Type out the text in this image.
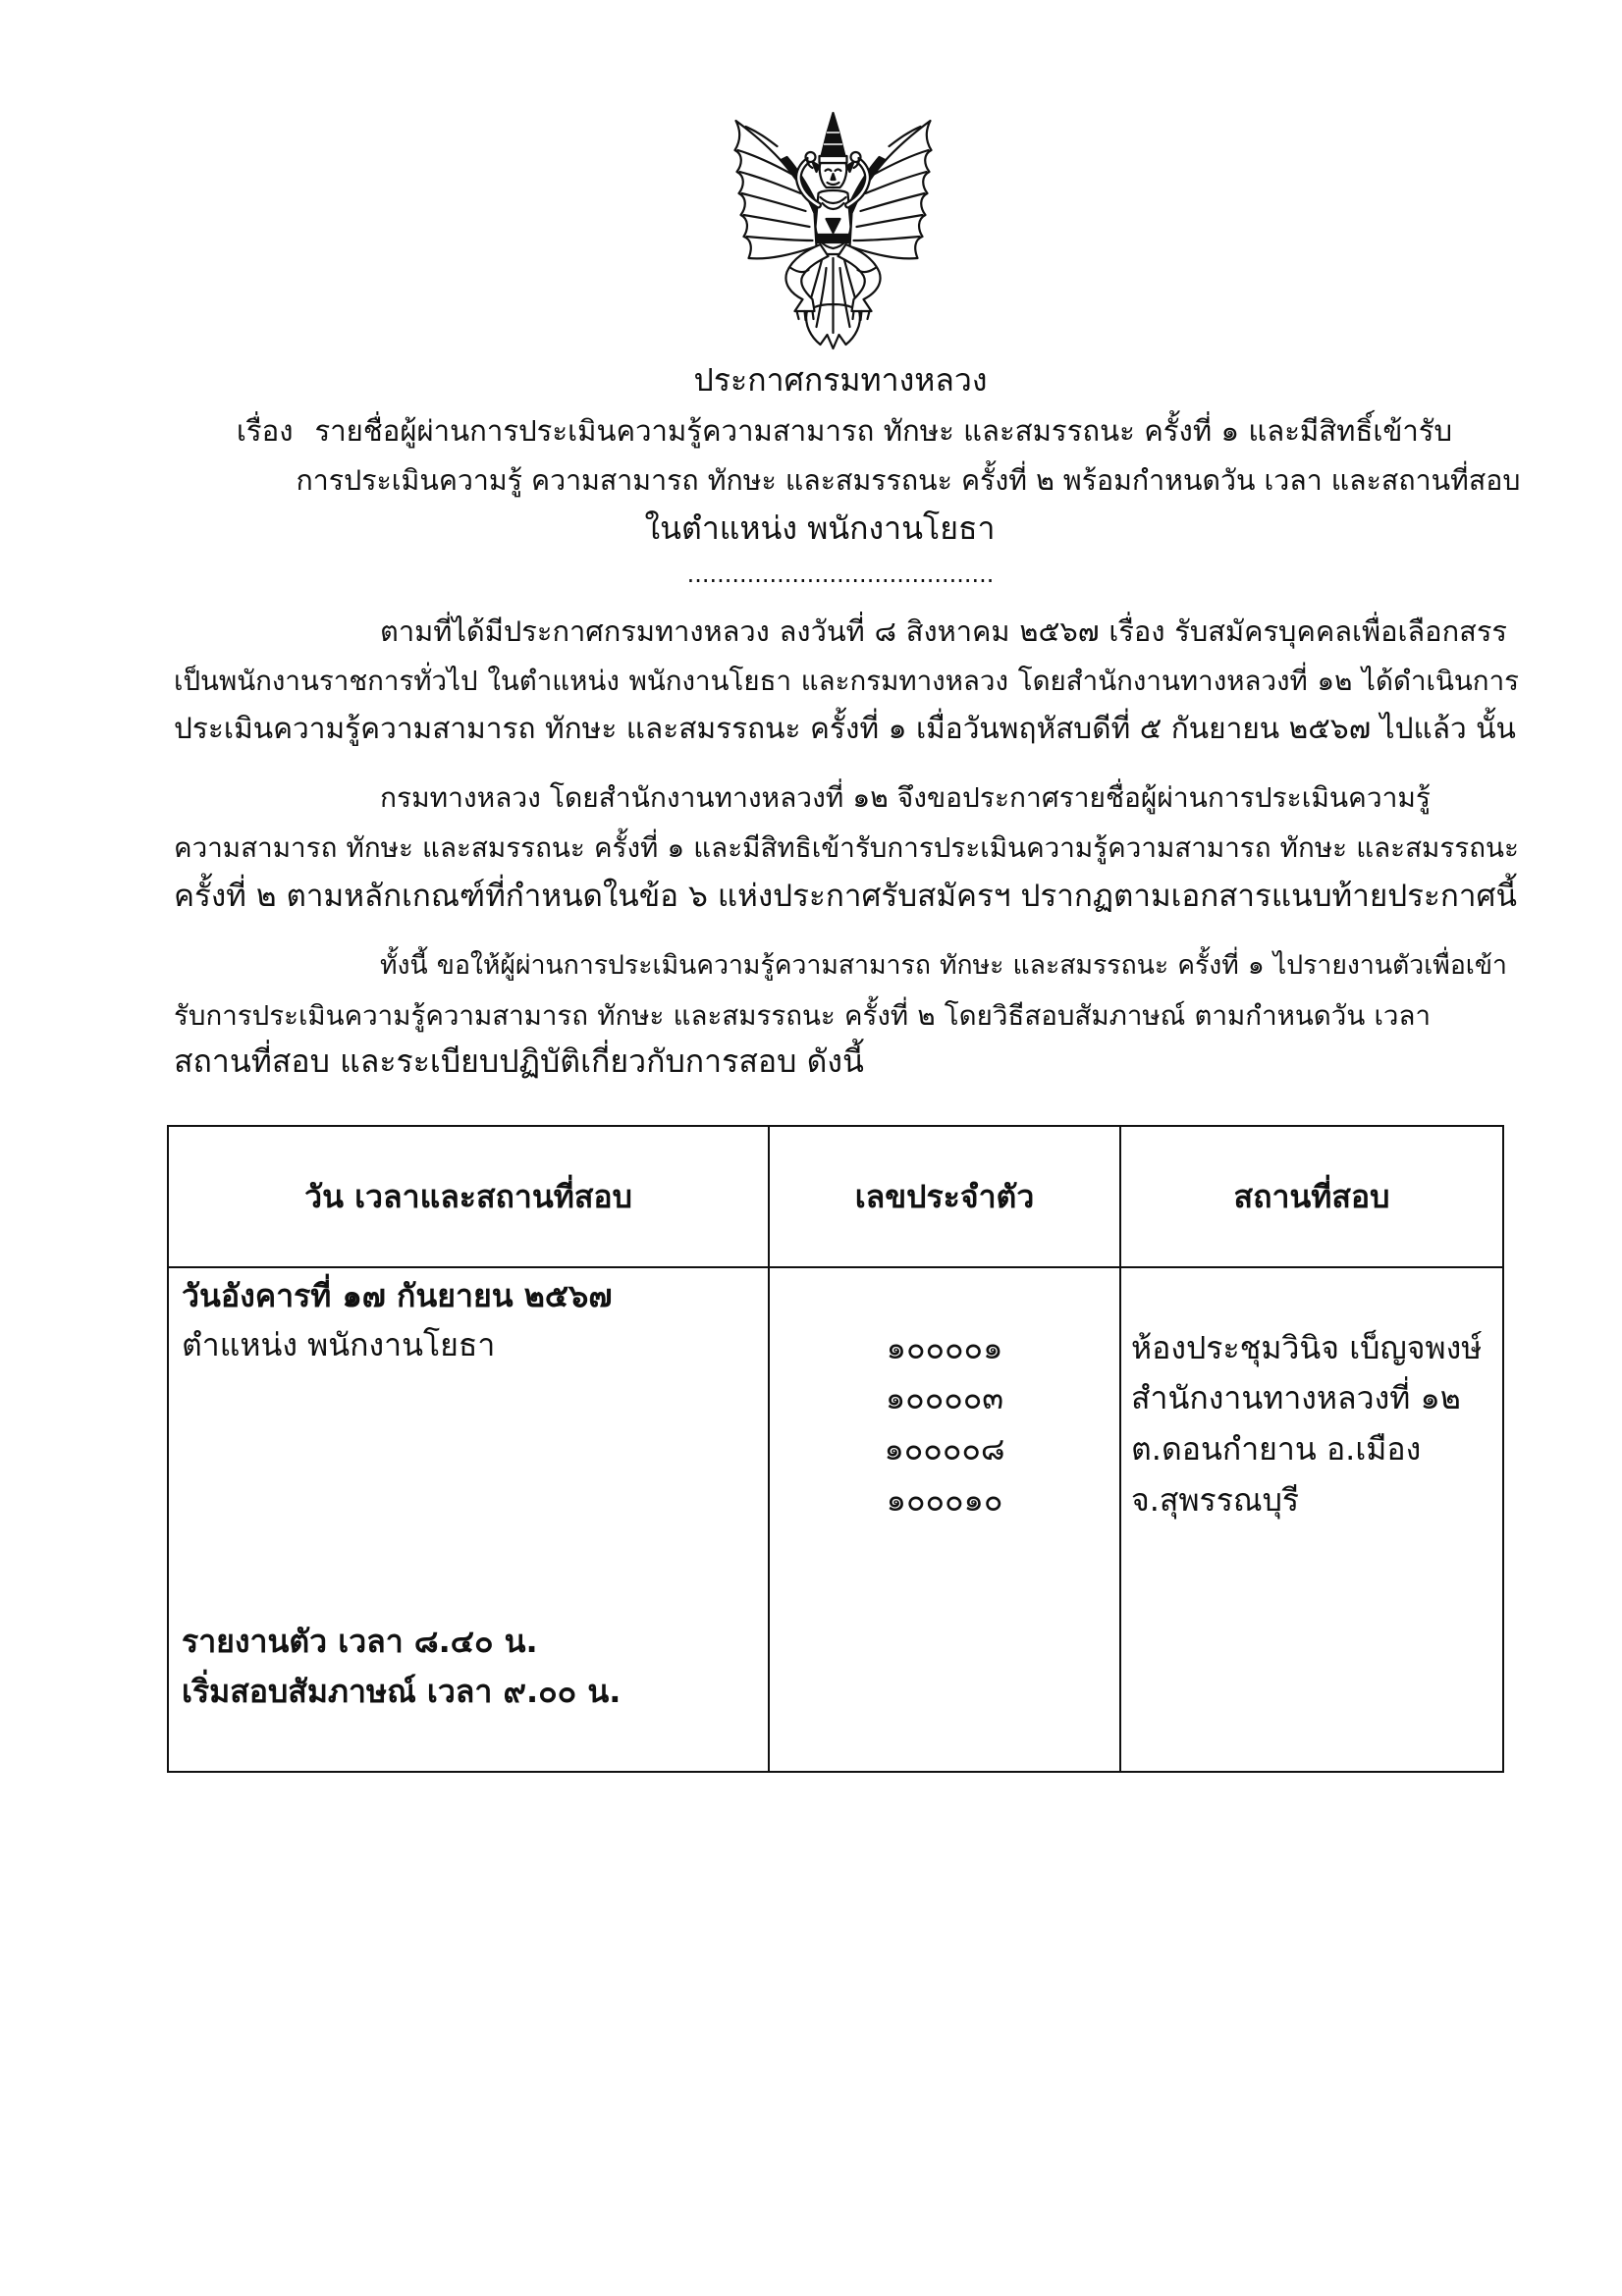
ประกาศกรมทางหลวง
เรื่อง รายชื่อผู้ผ่านการประเมินความรู้ความสามารถ ทักษะ และสมรรถนะ ครั้งที่ ๑ และมีสิทธิ์เข้ารับ
การประเมินความรู้ ความสามารถ ทักษะ และสมรรถนะ ครั้งที่ ๒ พร้อมกำหนดวัน เวลา และสถานที่สอบ
ในตำแหน่ง พนักงานโยธา
.........................................
ตามที่ได้มีประกาศกรมทางหลวง ลงวันที่ ๘ สิงหาคม ๒๕๖๗ เรื่อง รับสมัครบุคคลเพื่อเลือกสรร
เป็นพนักงานราชการทั่วไป ในตำแหน่ง พนักงานโยธา และกรมทางหลวง โดยสำนักงานทางหลวงที่ ๑๒ ได้ดำเนินการ
ประเมินความรู้ความสามารถ ทักษะ และสมรรถนะ ครั้งที่ ๑ เมื่อวันพฤหัสบดีที่ ๕ กันยายน ๒๕๖๗ ไปแล้ว นั้น
กรมทางหลวง โดยสำนักงานทางหลวงที่ ๑๒ จึงขอประกาศรายชื่อผู้ผ่านการประเมินความรู้
ความสามารถ ทักษะ และสมรรถนะ ครั้งที่ ๑ และมีสิทธิเข้ารับการประเมินความรู้ความสามารถ ทักษะ และสมรรถนะ
ครั้งที่ ๒ ตามหลักเกณฑ์ที่กำหนดในข้อ ๖ แห่งประกาศรับสมัครฯ ปรากฏตามเอกสารแนบท้ายประกาศนี้
ทั้งนี้ ขอให้ผู้ผ่านการประเมินความรู้ความสามารถ ทักษะ และสมรรถนะ ครั้งที่ ๑ ไปรายงานตัวเพื่อเข้า
รับการประเมินความรู้ความสามารถ ทักษะ และสมรรถนะ ครั้งที่ ๒ โดยวิธีสอบสัมภาษณ์ ตามกำหนดวัน เวลา
สถานที่สอบ และระเบียบปฏิบัติเกี่ยวกับการสอบ ดังนี้
วัน เวลาและสถานที่สอบ	เลขประจำตัว	สถานที่สอบ
วันอังคารที่ ๑๗ กันยายน ๒๕๖๗
ตำแหน่ง พนักงานโยธา
รายงานตัว เวลา ๘.๔๐ น.
เริ่มสอบสัมภาษณ์ เวลา ๙.๐๐ น.
๑๐๐๐๐๑
๑๐๐๐๐๓
๑๐๐๐๐๘
๑๐๐๐๑๐
ห้องประชุมวินิจ เบ็ญจพงษ์
สำนักงานทางหลวงที่ ๑๒
ต.ดอนกำยาน อ.เมือง
จ.สุพรรณบุรี
